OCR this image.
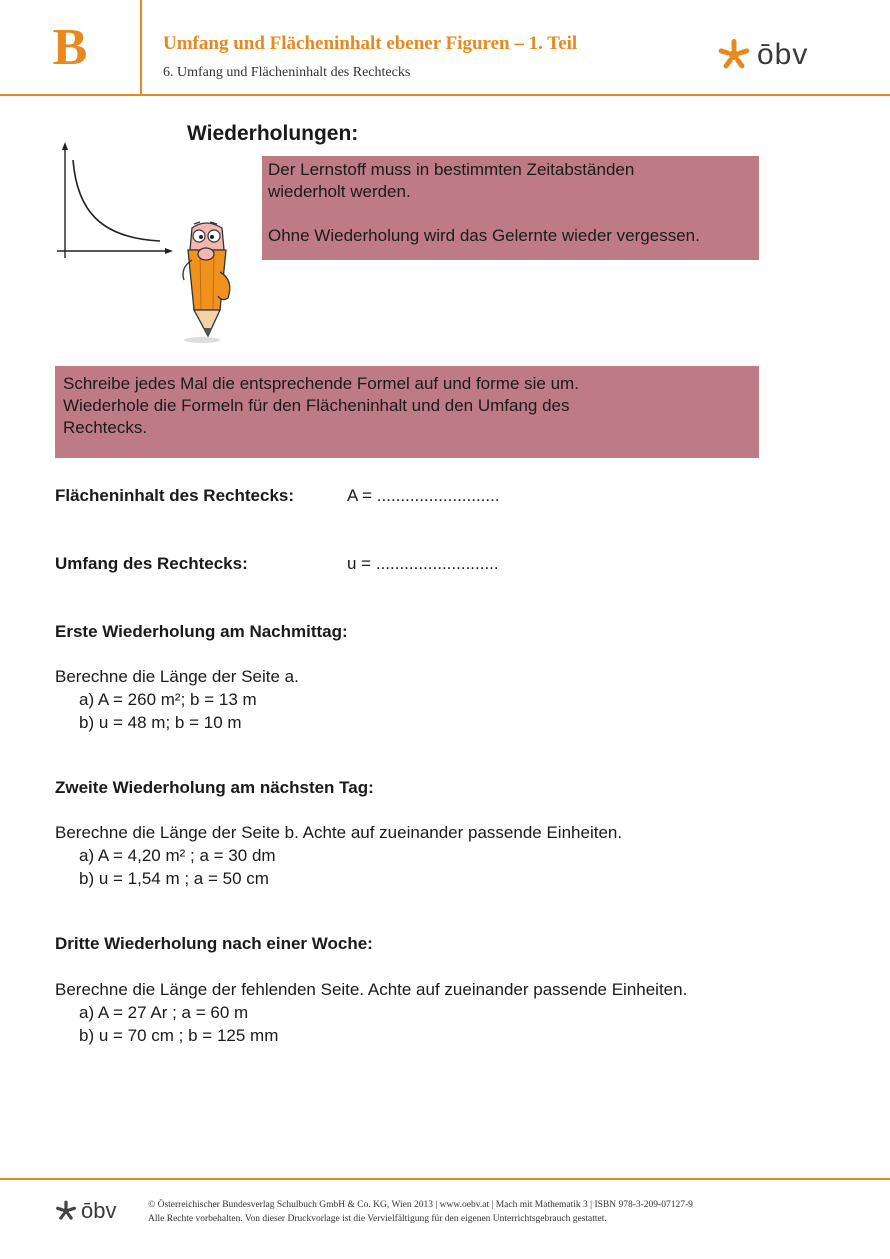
B	Umfang und Flächeninhalt ebener Figuren – 1. Teil
6. Umfang und Flächeninhalt des Rechtecks
ōbv
Wiederholungen:

Der Lernstoff muss in bestimmten Zeitabständen

wiederholt werden.

Ohne Wiederholung wird das Gelernte wieder vergessen.

Schreibe jedes Mal die entsprechende Formel auf und forme sie um.

Wiederhole die Formeln für den Flächeninhalt und den Umfang des

Rechtecks.

Flächeninhalt des Rechtecks:	A = ..........................
Umfang des Rechtecks:	u = ..........................
Erste Wiederholung am Nachmittag:
Berechne die Länge der Seite a.
a) A = 260 m²; b = 13 m
b) u = 48 m; b = 10 m
Zweite Wiederholung am nächsten Tag:
Berechne die Länge der Seite b. Achte auf zueinander passende Einheiten.
a) A = 4,20 m² ; a = 30 dm
b) u = 1,54 m ; a = 50 cm
Dritte Wiederholung nach einer Woche:
Berechne die Länge der fehlenden Seite. Achte auf zueinander passende Einheiten.
a) A = 27 Ar ; a = 60 m
b) u = 70 cm ; b = 125 mm
ōbv	© Österreichischer Bundesverlag Schulbuch GmbH & Co. KG, Wien 2013 | www.oebv.at | Mach mit Mathematik 3 | ISBN 978-3-209-07127-9
Alle Rechte vorbehalten. Von dieser Druckvorlage ist die Vervielfältigung für den eigenen Unterrichtsgebrauch gestattet.
